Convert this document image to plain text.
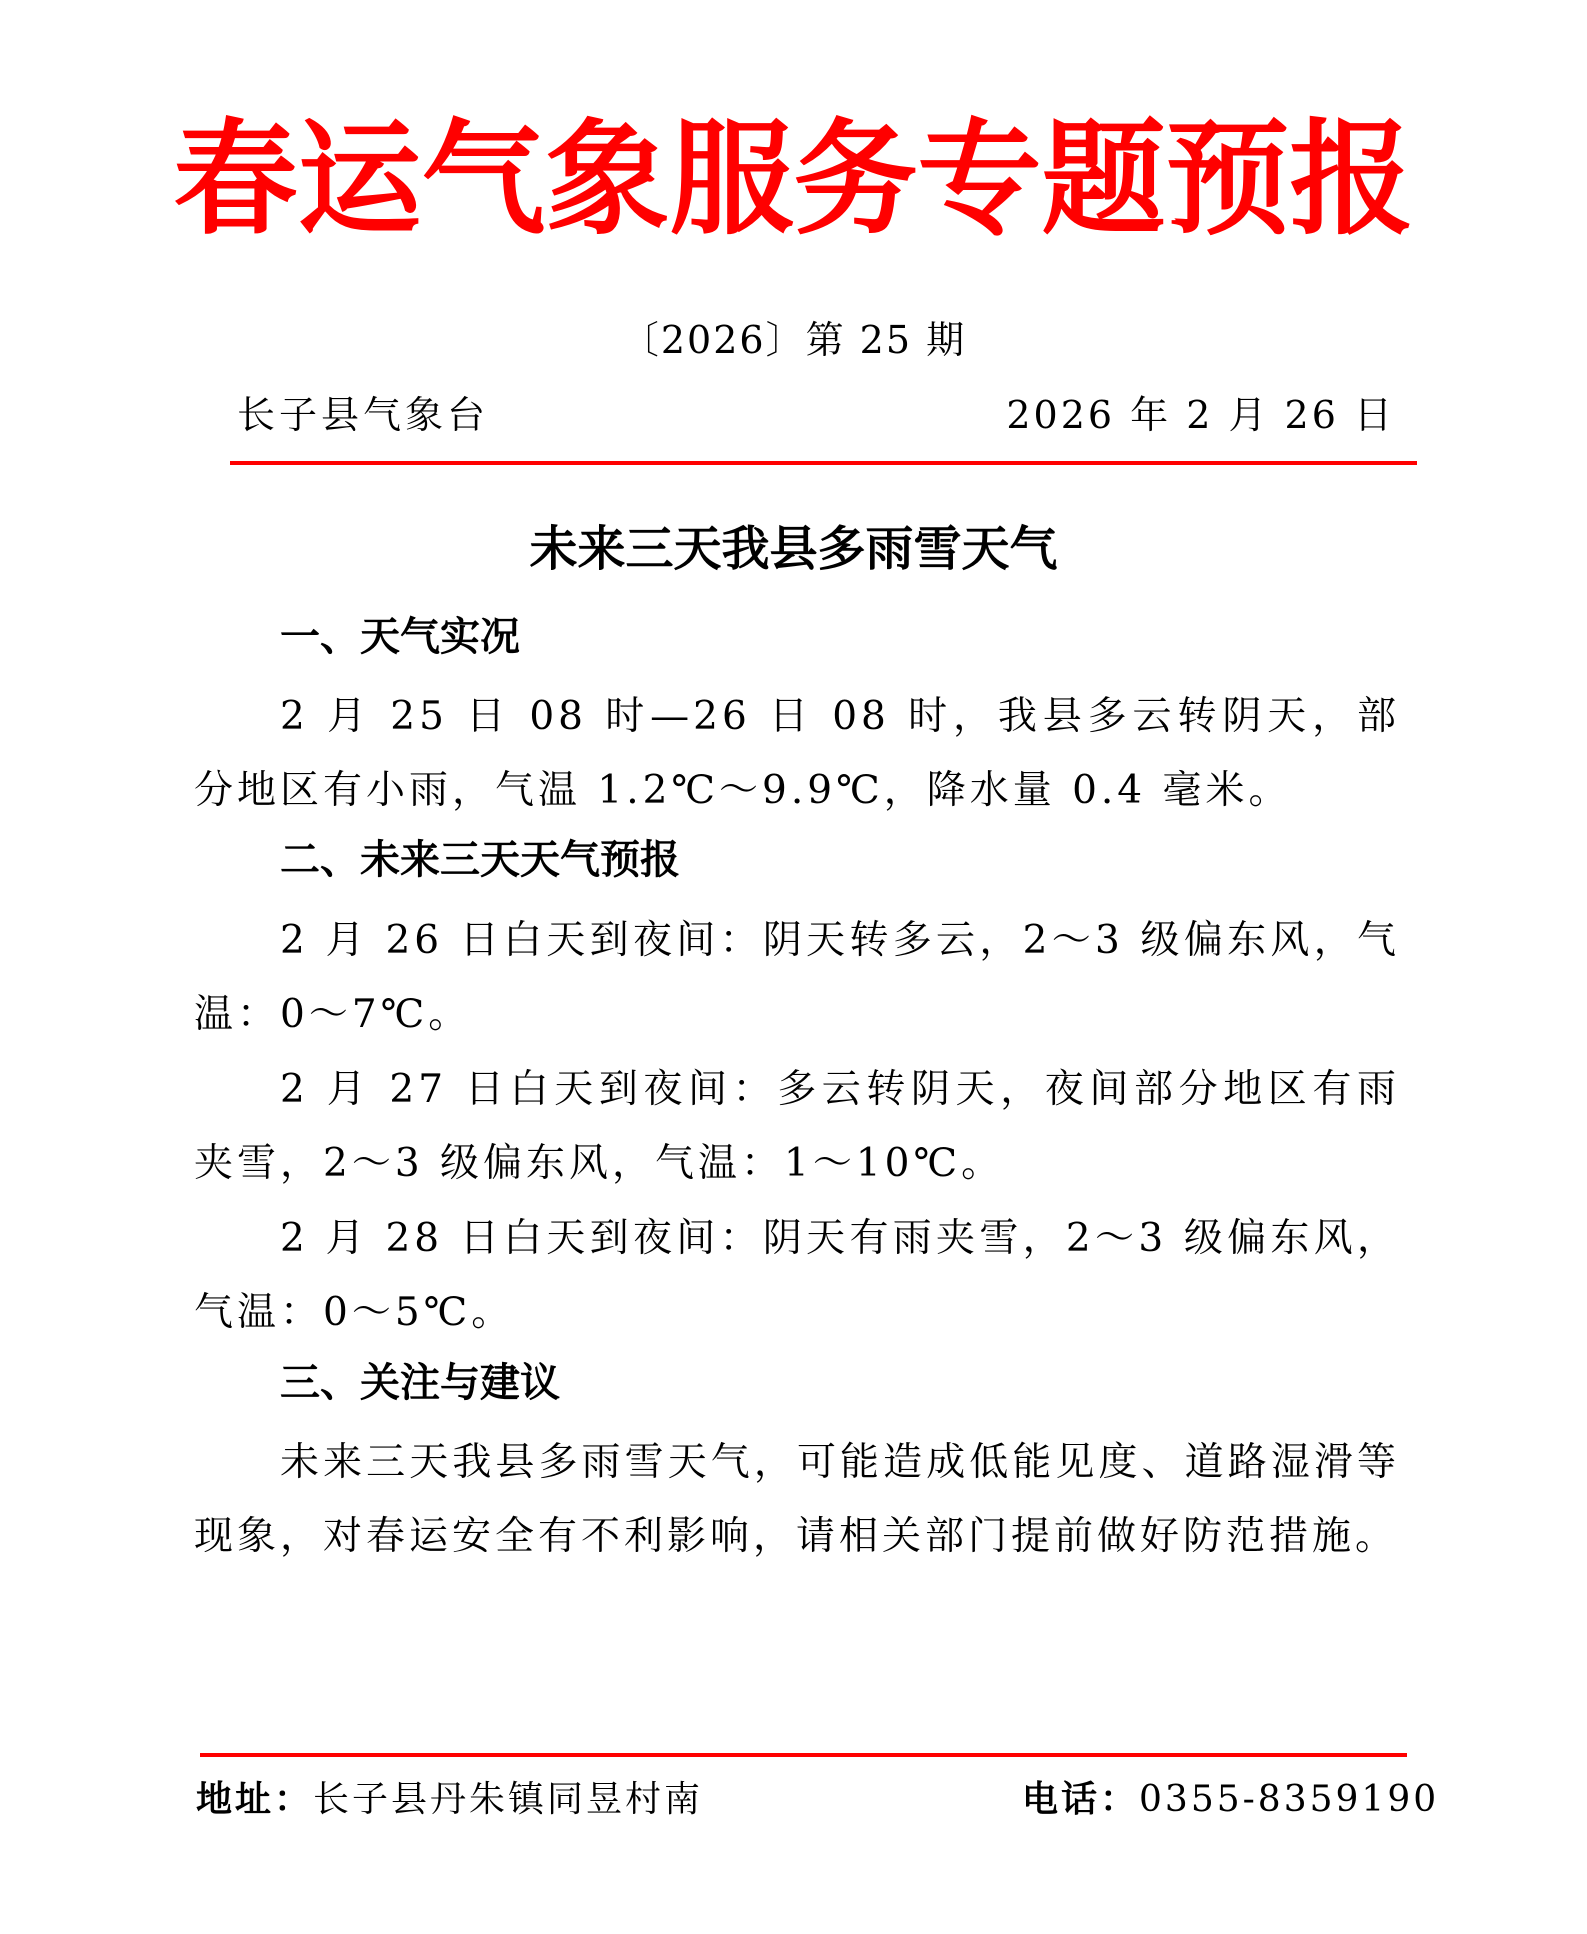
春运气象服务专题预报
〔2026〕第 25 期
长子县气象台	2026 年 2 月 26 日
未来三天我县多雨雪天气
一、天气实况
2 月 25 日 08 时—26 日 08 时，我县多云转阴天，部分地区有小雨，气温 1.2℃～9.9℃，降水量 0.4 毫米。
二、未来三天天气预报
2 月 26 日白天到夜间：阴天转多云，2～3 级偏东风，气温：0～7℃。
2 月 27 日白天到夜间：多云转阴天，夜间部分地区有雨夹雪，2～3 级偏东风，气温：1～10℃。
2 月 28 日白天到夜间：阴天有雨夹雪，2～3 级偏东风，气温：0～5℃。
三、关注与建议
未来三天我县多雨雪天气，可能造成低能见度、道路湿滑等现象，对春运安全有不利影响，请相关部门提前做好防范措施。
地址：长子县丹朱镇同昱村南	电话：0355-8359190
